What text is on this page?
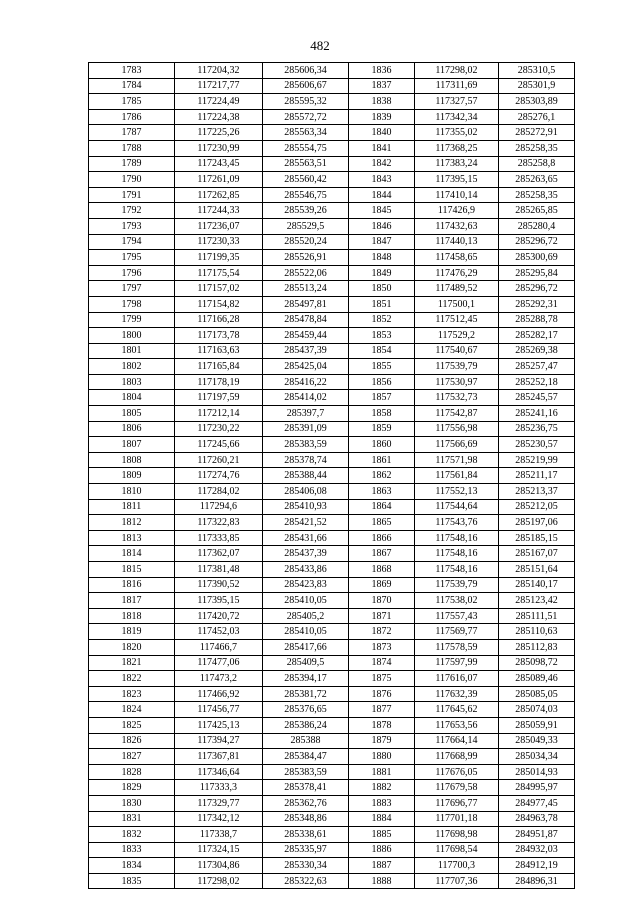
482
1783	117204,32	285606,34	1836	117298,02	285310,5
1784	117217,77	285606,67	1837	117311,69	285301,9
1785	117224,49	285595,32	1838	117327,57	285303,89
1786	117224,38	285572,72	1839	117342,34	285276,1
1787	117225,26	285563,34	1840	117355,02	285272,91
1788	117230,99	285554,75	1841	117368,25	285258,35
1789	117243,45	285563,51	1842	117383,24	285258,8
1790	117261,09	285560,42	1843	117395,15	285263,65
1791	117262,85	285546,75	1844	117410,14	285258,35
1792	117244,33	285539,26	1845	117426,9	285265,85
1793	117236,07	285529,5	1846	117432,63	285280,4
1794	117230,33	285520,24	1847	117440,13	285296,72
1795	117199,35	285526,91	1848	117458,65	285300,69
1796	117175,54	285522,06	1849	117476,29	285295,84
1797	117157,02	285513,24	1850	117489,52	285296,72
1798	117154,82	285497,81	1851	117500,1	285292,31
1799	117166,28	285478,84	1852	117512,45	285288,78
1800	117173,78	285459,44	1853	117529,2	285282,17
1801	117163,63	285437,39	1854	117540,67	285269,38
1802	117165,84	285425,04	1855	117539,79	285257,47
1803	117178,19	285416,22	1856	117530,97	285252,18
1804	117197,59	285414,02	1857	117532,73	285245,57
1805	117212,14	285397,7	1858	117542,87	285241,16
1806	117230,22	285391,09	1859	117556,98	285236,75
1807	117245,66	285383,59	1860	117566,69	285230,57
1808	117260,21	285378,74	1861	117571,98	285219,99
1809	117274,76	285388,44	1862	117561,84	285211,17
1810	117284,02	285406,08	1863	117552,13	285213,37
1811	117294,6	285410,93	1864	117544,64	285212,05
1812	117322,83	285421,52	1865	117543,76	285197,06
1813	117333,85	285431,66	1866	117548,16	285185,15
1814	117362,07	285437,39	1867	117548,16	285167,07
1815	117381,48	285433,86	1868	117548,16	285151,64
1816	117390,52	285423,83	1869	117539,79	285140,17
1817	117395,15	285410,05	1870	117538,02	285123,42
1818	117420,72	285405,2	1871	117557,43	285111,51
1819	117452,03	285410,05	1872	117569,77	285110,63
1820	117466,7	285417,66	1873	117578,59	285112,83
1821	117477,06	285409,5	1874	117597,99	285098,72
1822	117473,2	285394,17	1875	117616,07	285089,46
1823	117466,92	285381,72	1876	117632,39	285085,05
1824	117456,77	285376,65	1877	117645,62	285074,03
1825	117425,13	285386,24	1878	117653,56	285059,91
1826	117394,27	285388	1879	117664,14	285049,33
1827	117367,81	285384,47	1880	117668,99	285034,34
1828	117346,64	285383,59	1881	117676,05	285014,93
1829	117333,3	285378,41	1882	117679,58	284995,97
1830	117329,77	285362,76	1883	117696,77	284977,45
1831	117342,12	285348,86	1884	117701,18	284963,78
1832	117338,7	285338,61	1885	117698,98	284951,87
1833	117324,15	285335,97	1886	117698,54	284932,03
1834	117304,86	285330,34	1887	117700,3	284912,19
1835	117298,02	285322,63	1888	117707,36	284896,31
